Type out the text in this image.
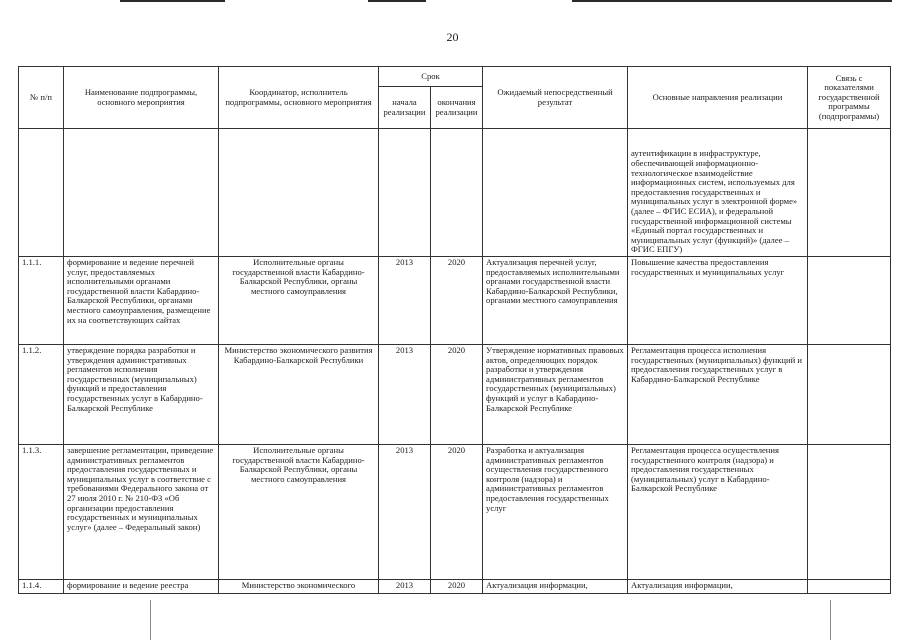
20
№ п/п	Наименование подпрограммы, основного мероприятия	Координатор, исполнитель подпрограммы, основного мероприятия	Срок		Ожидаемый непосредственный результат	Основные направления реализации	Связь с показателями государственной программы (подпрограммы)
			начала реализации	окончания реализации			
						аутентификации в инфраструктуре, обеспечивающей информационно-технологическое взаимодействие информационных систем, используемых для предоставления государственных и муниципальных услуг в электронной форме» (далее – ФГИС ЕСИА), и федеральной государственной информационной системы «Единый портал государственных и муниципальных услуг (функций)» (далее – ФГИС ЕПГУ)	
1.1.1.	формирование и ведение перечней услуг, предоставляемых исполнительными органами государственной власти Кабардино-Балкарской Республики, органами местного самоуправления, размещение их на соответствующих сайтах	Исполнительные органы государственной власти Кабардино-Балкарской Республики, органы местного самоуправления	2013	2020	Актуализация перечней услуг, предоставляемых исполнительными органами государственной власти Кабардино-Балкарской Республики, органами местного самоуправления	Повышение качества предоставления государственных и муниципальных услуг	
1.1.2.	утверждение порядка разработки и утверждения административных регламентов исполнения государственных (муниципальных) функций и предоставления государственных услуг в Кабардино-Балкарской Республике	Министерство экономического развития Кабардино-Балкарской Республики	2013	2020	Утверждение нормативных правовых актов, определяющих порядок разработки и утверждения административных регламентов государственных (муниципальных) функций и услуг в Кабардино-Балкарской Республике	Регламентация процесса исполнения государственных (муниципальных) функций и предоставления государственных услуг в Кабардино-Балкарской Республике	
1.1.3.	завершение регламентации, приведение административных регламентов предоставления государственных и муниципальных услуг в соответствие с требованиями Федерального закона от 27 июля 2010 г. № 210-ФЗ «Об организации предоставления государственных и муниципальных услуг» (далее – Федеральный закон)	Исполнительные органы государственной власти Кабардино-Балкарской Республики, органы местного самоуправления	2013	2020	Разработка и актуализация административных регламентов осуществления государственного контроля (надзора) и административных регламентов предоставления государственных услуг	Регламентация процесса осуществления государственного контроля (надзора) и предоставления государственных (муниципальных) услуг в Кабардино-Балкарской Республике	
1.1.4.	формирование и ведение реестра	Министерство экономического	2013	2020	Актуализация информации,	Актуализация информации,	
